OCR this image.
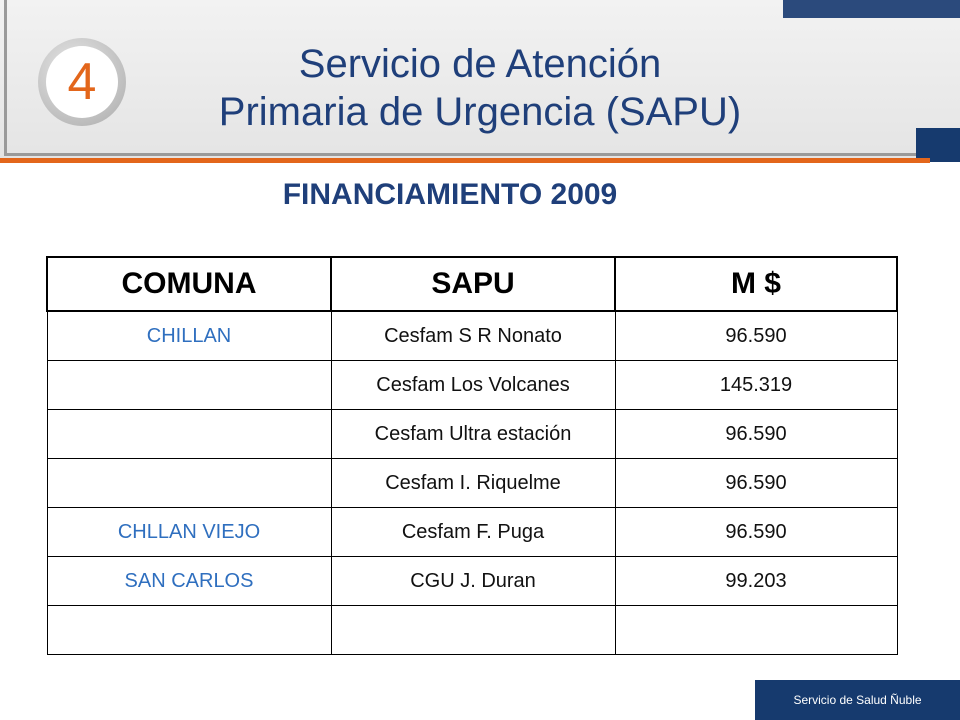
4	Servicio de Atención
Primaria de Urgencia (SAPU)
FINANCIAMIENTO 2009
COMUNA	SAPU	M $
CHILLAN	Cesfam S R Nonato	96.590
	Cesfam Los Volcanes	145.319
	Cesfam Ultra estación	96.590
	Cesfam I. Riquelme	96.590
CHLLAN VIEJO	Cesfam F. Puga	96.590
SAN CARLOS	CGU J. Duran	99.203

Servicio de Salud Ñuble
